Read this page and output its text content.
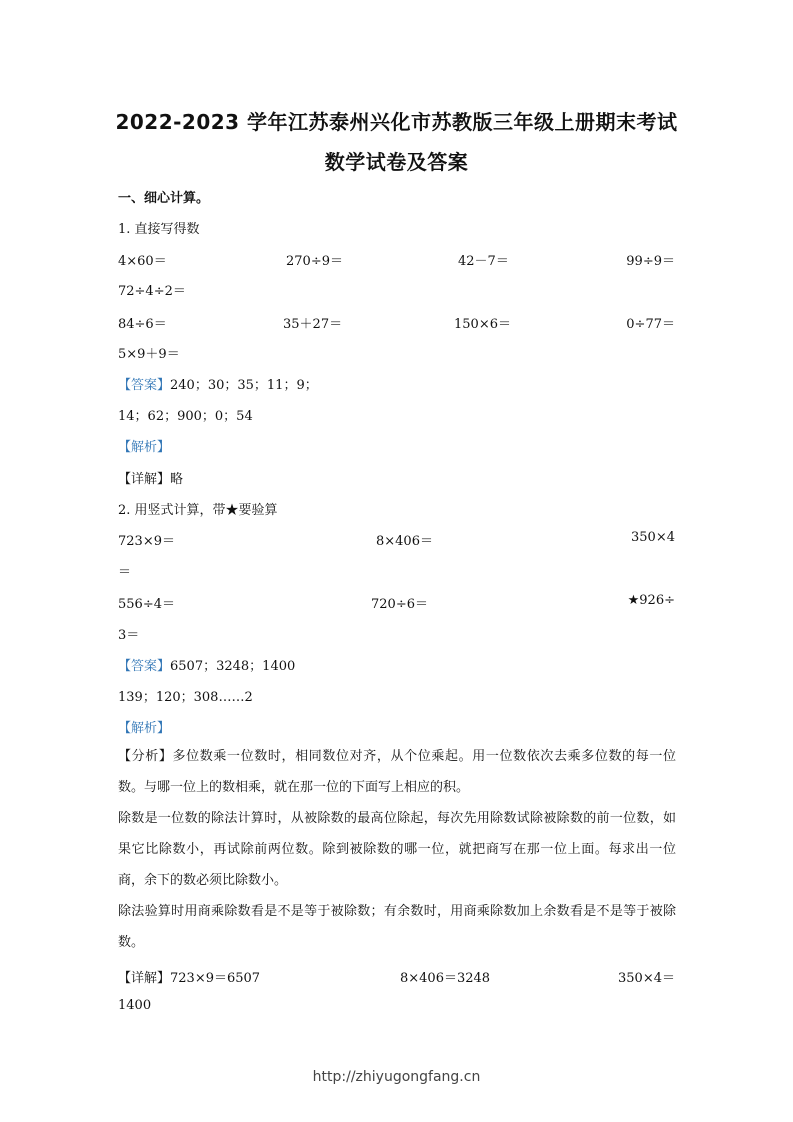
2022-2023 学年江苏泰州兴化市苏教版三年级上册期末考试
数学试卷及答案
一、细心计算。
1. 直接写得数
4×60＝	270÷9＝	42－7＝	99÷9＝
72÷4÷2＝
84÷6＝	35＋27＝	150×6＝	0÷77＝
5×9＋9＝
【答案】240；30；35；11；9；
14；62；900；0；54
【解析】
【详解】略
2. 用竖式计算，带★要验算
723×9＝	8×406＝	350×4
＝
556÷4＝	720÷6＝	★926÷
3＝
【答案】6507；3248；1400
139；120；308……2
【解析】
【分析】多位数乘一位数时，相同数位对齐，从个位乘起。用一位数依次去乘多位数的每一位数。与哪一位上的数相乘，就在那一位的下面写上相应的积。
除数是一位数的除法计算时，从被除数的最高位除起，每次先用除数试除被除数的前一位数，如果它比除数小，再试除前两位数。除到被除数的哪一位，就把商写在那一位上面。每求出一位商，余下的数必须比除数小。
除法验算时用商乘除数看是不是等于被除数；有余数时，用商乘除数加上余数看是不是等于被除数。
【详解】723×9＝6507	8×406＝3248	350×4＝
1400
http://zhiyugongfang.cn
